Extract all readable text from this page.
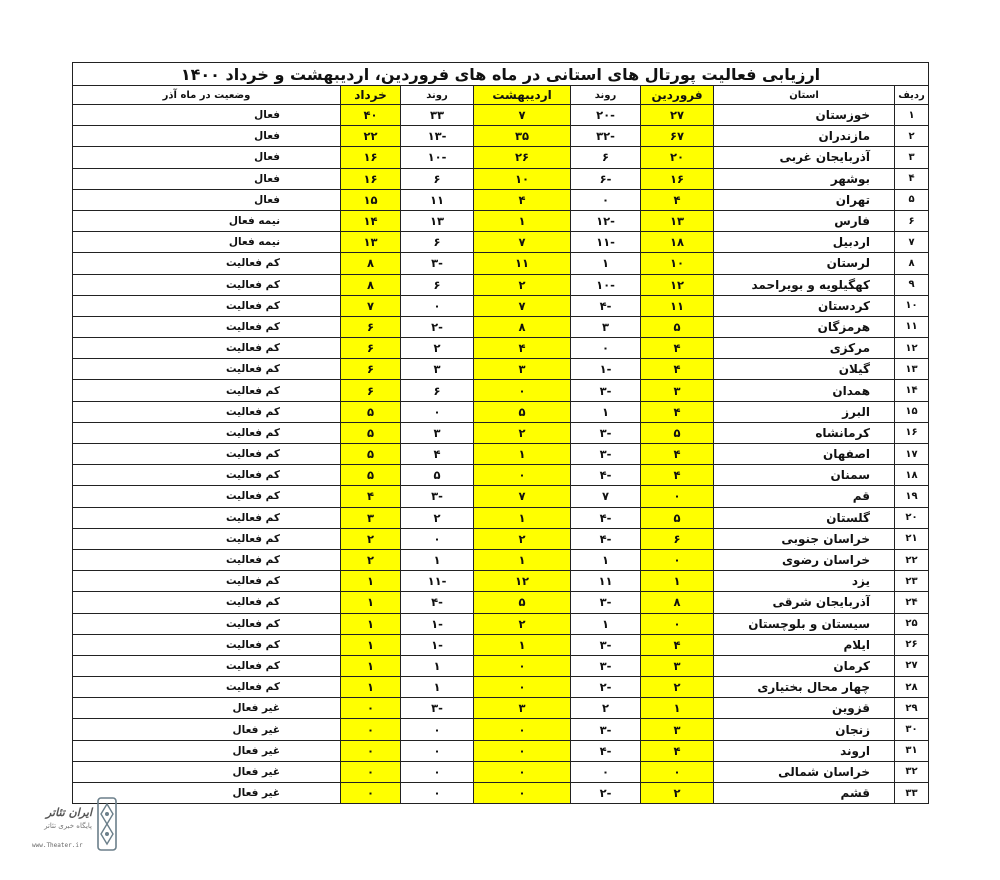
ارزیابی فعالیت پورتال های استانی در ماه های فروردین، اردیبهشت و خرداد ۱۴۰۰							
ردیف	استان	فروردین	روند	اردیبهشت	روند	خرداد	وضعیت در ماه آذر
۱	خوزستان	۲۷	-۲۰	۷	۳۳	۴۰	فعال
۲	مازندران	۶۷	-۳۲	۳۵	-۱۳	۲۲	فعال
۳	آذربایجان غربی	۲۰	۶	۲۶	-۱۰	۱۶	فعال
۴	بوشهر	۱۶	-۶	۱۰	۶	۱۶	فعال
۵	تهران	۴	۰	۴	۱۱	۱۵	فعال
۶	فارس	۱۳	-۱۲	۱	۱۳	۱۴	نیمه فعال
۷	اردبیل	۱۸	-۱۱	۷	۶	۱۳	نیمه فعال
۸	لرستان	۱۰	۱	۱۱	-۳	۸	کم فعالیت
۹	کهگیلویه و بویراحمد	۱۲	-۱۰	۲	۶	۸	کم فعالیت
۱۰	کردستان	۱۱	-۴	۷	۰	۷	کم فعالیت
۱۱	هرمزگان	۵	۳	۸	-۲	۶	کم فعالیت
۱۲	مرکزی	۴	۰	۴	۲	۶	کم فعالیت
۱۳	گیلان	۴	-۱	۳	۳	۶	کم فعالیت
۱۴	همدان	۳	-۳	۰	۶	۶	کم فعالیت
۱۵	البرز	۴	۱	۵	۰	۵	کم فعالیت
۱۶	کرمانشاه	۵	-۳	۲	۳	۵	کم فعالیت
۱۷	اصفهان	۴	-۳	۱	۴	۵	کم فعالیت
۱۸	سمنان	۴	-۴	۰	۵	۵	کم فعالیت
۱۹	قم	۰	۷	۷	-۳	۴	کم فعالیت
۲۰	گلستان	۵	-۴	۱	۲	۳	کم فعالیت
۲۱	خراسان جنوبی	۶	-۴	۲	۰	۲	کم فعالیت
۲۲	خراسان رضوی	۰	۱	۱	۱	۲	کم فعالیت
۲۳	یزد	۱	۱۱	۱۲	-۱۱	۱	کم فعالیت
۲۴	آذربایجان شرقی	۸	-۳	۵	-۴	۱	کم فعالیت
۲۵	سیستان و بلوچستان	۰	۱	۲	-۱	۱	کم فعالیت
۲۶	ایلام	۴	-۳	۱	-۱	۱	کم فعالیت
۲۷	کرمان	۳	-۳	۰	۱	۱	کم فعالیت
۲۸	چهار محال بختیاری	۲	-۲	۰	۱	۱	کم فعالیت
۲۹	قزوین	۱	۲	۳	-۳	۰	غیر فعال
۳۰	زنجان	۳	-۳	۰	۰	۰	غیر فعال
۳۱	اروند	۴	-۴	۰	۰	۰	غیر فعال
۳۲	خراسان شمالی	۰	۰	۰	۰	۰	غیر فعال
۳۳	قشم	۲	-۲	۰	۰	۰	غیر فعال
ایران تئاتر
پایگاه خبری تئاتر
www.Theater.ir
